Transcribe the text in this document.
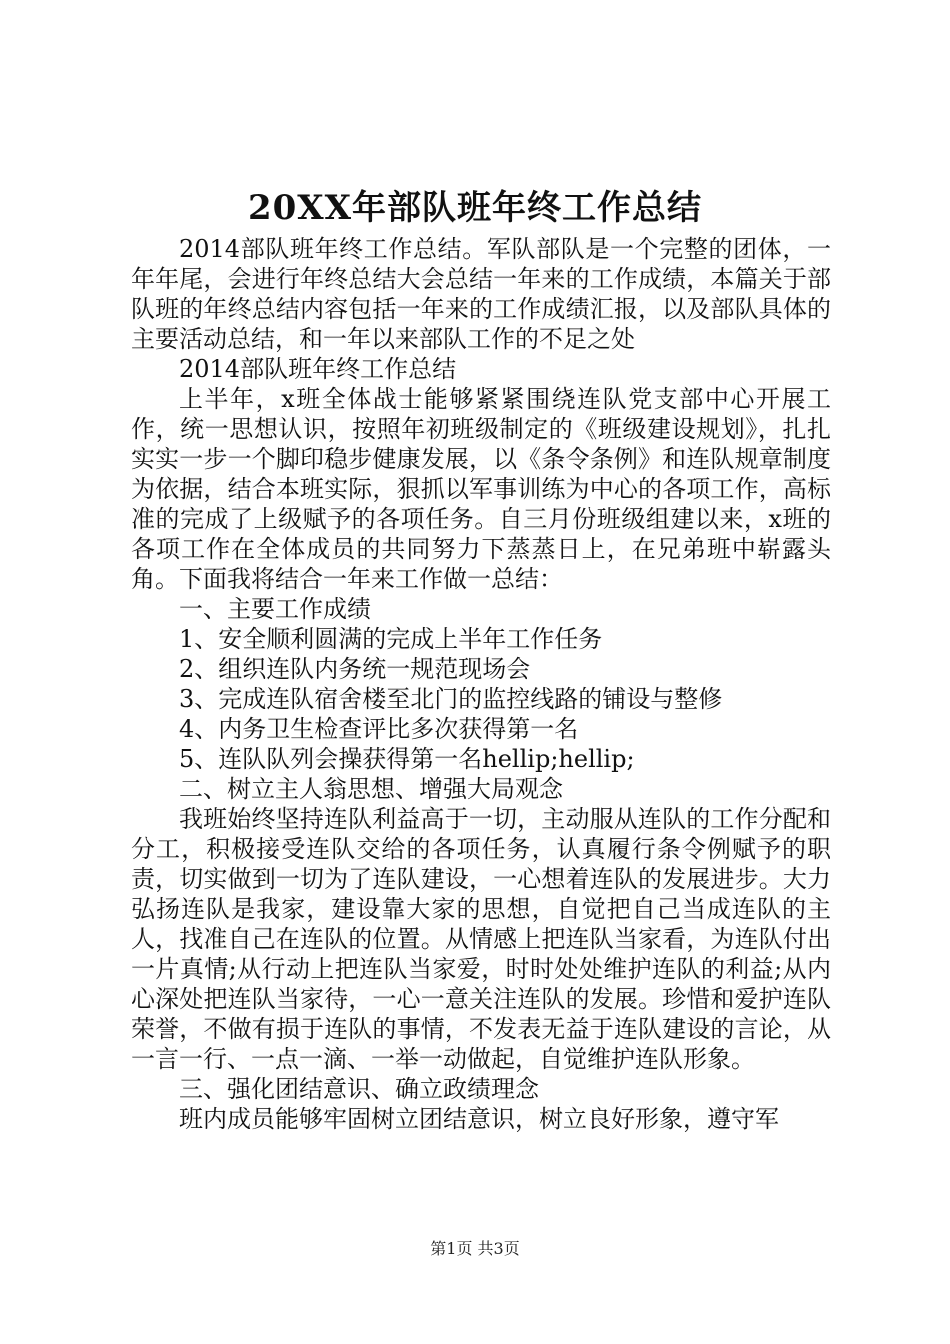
20XX年部队班年终工作总结

2014部队班年终工作总结。军队部队是一个完整的团体，一年年尾，会进行年终总结大会总结一年来的工作成绩，本篇关于部队班的年终总结内容包括一年来的工作成绩汇报，以及部队具体的主要活动总结，和一年以来部队工作的不足之处

2014部队班年终工作总结

上半年，x班全体战士能够紧紧围绕连队党支部中心开展工作，统一思想认识，按照年初班级制定的《班级建设规划》，扎扎实实一步一个脚印稳步健康发展，以《条令条例》和连队规章制度为依据，结合本班实际，狠抓以军事训练为中心的各项工作，高标准的完成了上级赋予的各项任务。自三月份班级组建以来，x班的各项工作在全体成员的共同努力下蒸蒸日上，在兄弟班中崭露头角。下面我将结合一年来工作做一总结：

一、主要工作成绩

1、安全顺利圆满的完成上半年工作任务

2、组织连队内务统一规范现场会

3、完成连队宿舍楼至北门的监控线路的铺设与整修

4、内务卫生检查评比多次获得第一名

5、连队队列会操获得第一名hellip;hellip;

二、树立主人翁思想、增强大局观念

我班始终坚持连队利益高于一切，主动服从连队的工作分配和分工，积极接受连队交给的各项任务，认真履行条令例赋予的职责，切实做到一切为了连队建设，一心想着连队的发展进步。大力弘扬连队是我家，建设靠大家的思想，自觉把自己当成连队的主人，找准自己在连队的位置。从情感上把连队当家看，为连队付出一片真情;从行动上把连队当家爱，时时处处维护连队的利益;从内心深处把连队当家待，一心一意关注连队的发展。珍惜和爱护连队荣誉，不做有损于连队的事情，不发表无益于连队建设的言论，从一言一行、一点一滴、一举一动做起，自觉维护连队形象。

三、强化团结意识、确立政绩理念

班内成员能够牢固树立团结意识，树立良好形象，遵守军

第1页 共3页
